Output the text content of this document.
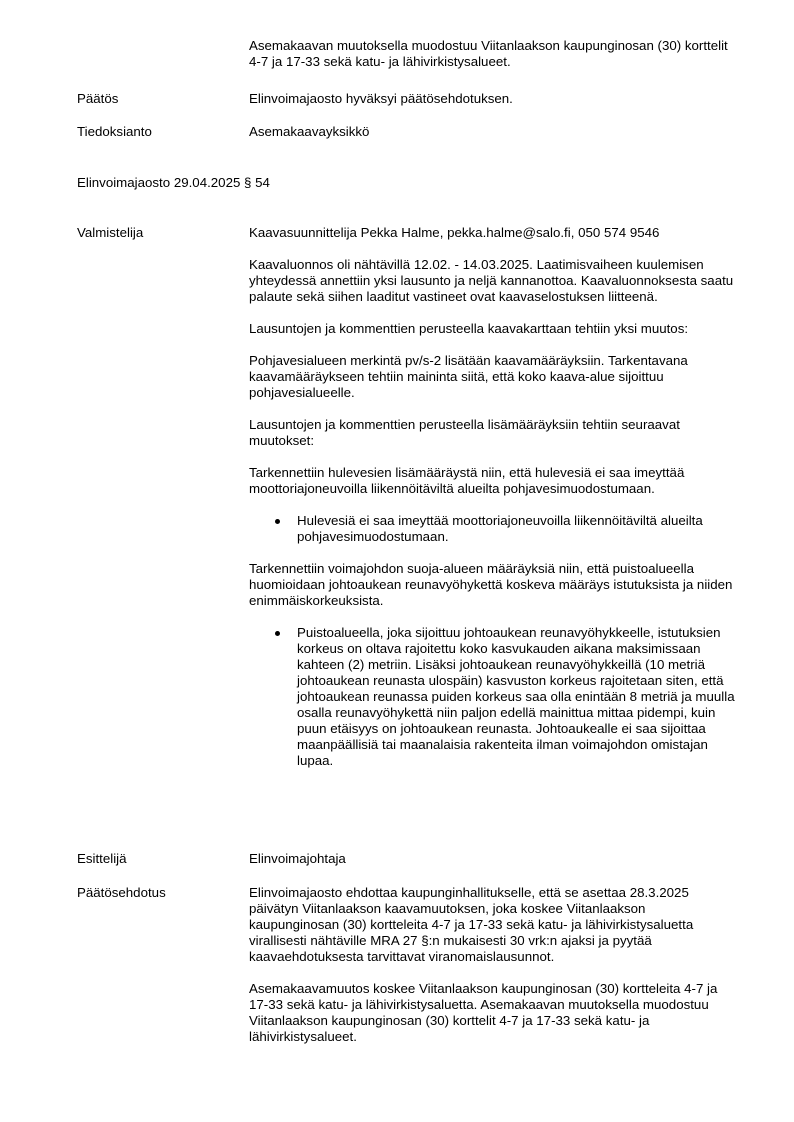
Asemakaavan muutoksella muodostuu Viitanlaakson kaupunginosan (30) korttelit 4-7 ja 17-33 sekä katu- ja lähivirkistysalueet.
Päätös	Elinvoimajaosto hyväksyi päätösehdotuksen.
Tiedoksianto	Asemakaavayksikkö
Elinvoimajaosto 29.04.2025 § 54
Valmistelija	Kaavasuunnittelija Pekka Halme, pekka.halme@salo.fi, 050 574 9546

Kaavaluonnos oli nähtävillä 12.02. - 14.03.2025. Laatimisvaiheen kuulemisen yhteydessä annettiin yksi lausunto ja neljä kannanottoa. Kaavaluonnoksesta saatu palaute sekä siihen laaditut vastineet ovat kaavaselostuksen liitteenä.

Lausuntojen ja kommenttien perusteella kaavakarttaan tehtiin yksi muutos:

Pohjavesialueen merkintä pv/s-2 lisätään kaavamääräyksiin. Tarkentavana kaavamääräykseen tehtiin maininta siitä, että koko kaava-alue sijoittuu pohjavesialueelle.

Lausuntojen ja kommenttien perusteella lisämääräyksiin tehtiin seuraavat muutokset:

Tarkennettiin hulevesien lisämääräystä niin, että hulevesiä ei saa imeyttää moottoriajoneuvoilla liikennöitäviltä alueilta pohjavesimuodostumaan.

Hulevesiä ei saa imeyttää moottoriajoneuvoilla liikennöitäviltä alueilta pohjavesimuodostumaan.

Tarkennettiin voimajohdon suoja-alueen määräyksiä niin, että puistoalueella huomioidaan johtoaukean reunavyöhykettä koskeva määräys istutuksista ja niiden enimmäiskorkeuksista.

Puistoalueella, joka sijoittuu johtoaukean reunavyöhykkeelle, istutuksien korkeus on oltava rajoitettu koko kasvukauden aikana maksimissaan kahteen (2) metriin. Lisäksi johtoaukean reunavyöhykkeillä (10 metriä johtoaukean reunasta ulospäin) kasvuston korkeus rajoitetaan siten, että johtoaukean reunassa puiden korkeus saa olla enintään 8 metriä ja muulla osalla reunavyöhykettä niin paljon edellä mainittua mittaa pidempi, kuin puun etäisyys on johtoaukean reunasta. Johtoaukealle ei saa sijoittaa maanpäällisiä tai maanalaisia rakenteita ilman voimajohdon omistajan lupaa.
Esittelijä	Elinvoimajohtaja
Päätösehdotus	Elinvoimajaosto ehdottaa kaupunginhallitukselle, että se asettaa 28.3.2025 päivätyn Viitanlaakson kaavamuutoksen, joka koskee Viitanlaakson kaupunginosan (30) kortteleita 4-7 ja 17-33 sekä katu- ja lähivirkistysaluetta virallisesti nähtäville MRA 27 §:n mukaisesti 30 vrk:n ajaksi ja pyytää kaavaehdotuksesta tarvittavat viranomaislausunnot.

Asemakaavamuutos koskee Viitanlaakson kaupunginosan (30) kortteleita 4-7 ja 17-33 sekä katu- ja lähivirkistysaluetta. Asemakaavan muutoksella muodostuu Viitanlaakson kaupunginosan (30) korttelit 4-7 ja 17-33 sekä katu- ja lähivirkistysalueet.
